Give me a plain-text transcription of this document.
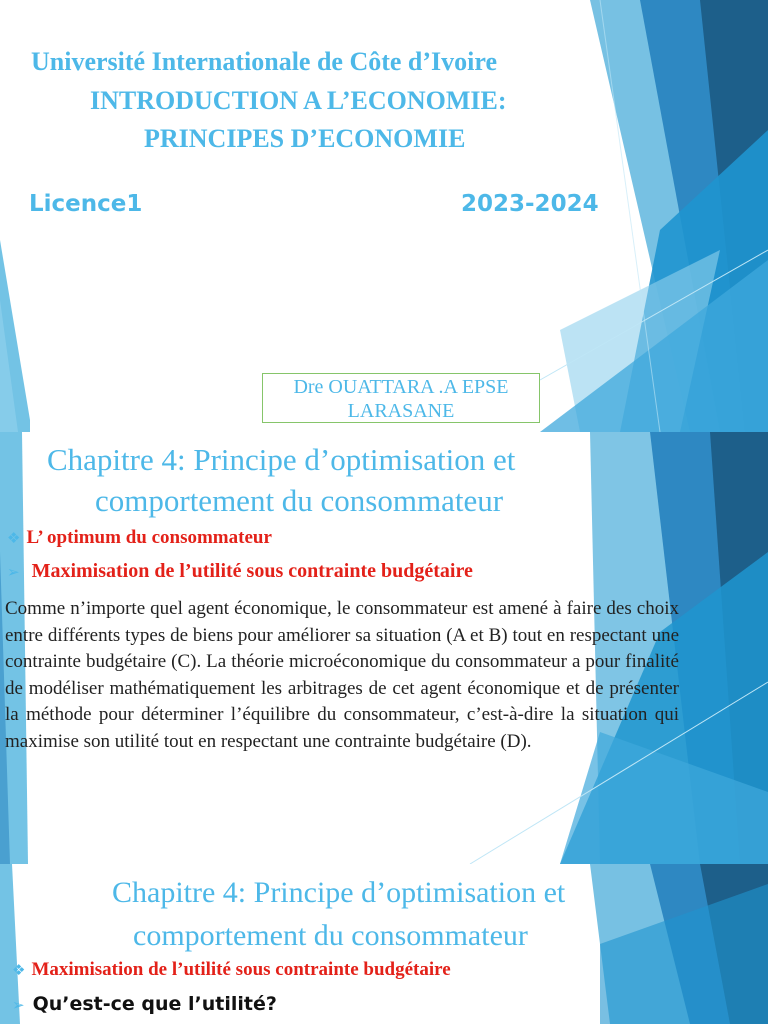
Université Internationale de Côte d’Ivoire
INTRODUCTION A L’ECONOMIE:
PRINCIPES D’ECONOMIE
Licence1	2023-2024
Dre OUATTARA .A EPSE
LARASANE
Chapitre 4: Principe d’optimisation et
comportement du consommateur
❖ L’ optimum du consommateur
➢ Maximisation de l’utilité sous contrainte budgétaire
Comme n’importe quel agent économique, le consommateur est amené à faire des choix entre différents types de biens pour améliorer sa situation (A et B) tout en respectant une contrainte budgétaire (C). La théorie microéconomique du consommateur a pour finalité de modéliser mathématiquement les arbitrages de cet agent économique et de présenter la méthode pour déterminer l’équilibre du consommateur, c’est-à-dire la situation qui maximise son utilité tout en respectant une contrainte budgétaire (D).
Chapitre 4: Principe d’optimisation et
comportement du consommateur
❖ Maximisation de l’utilité sous contrainte budgétaire
➢ Qu’est-ce que l’utilité?
